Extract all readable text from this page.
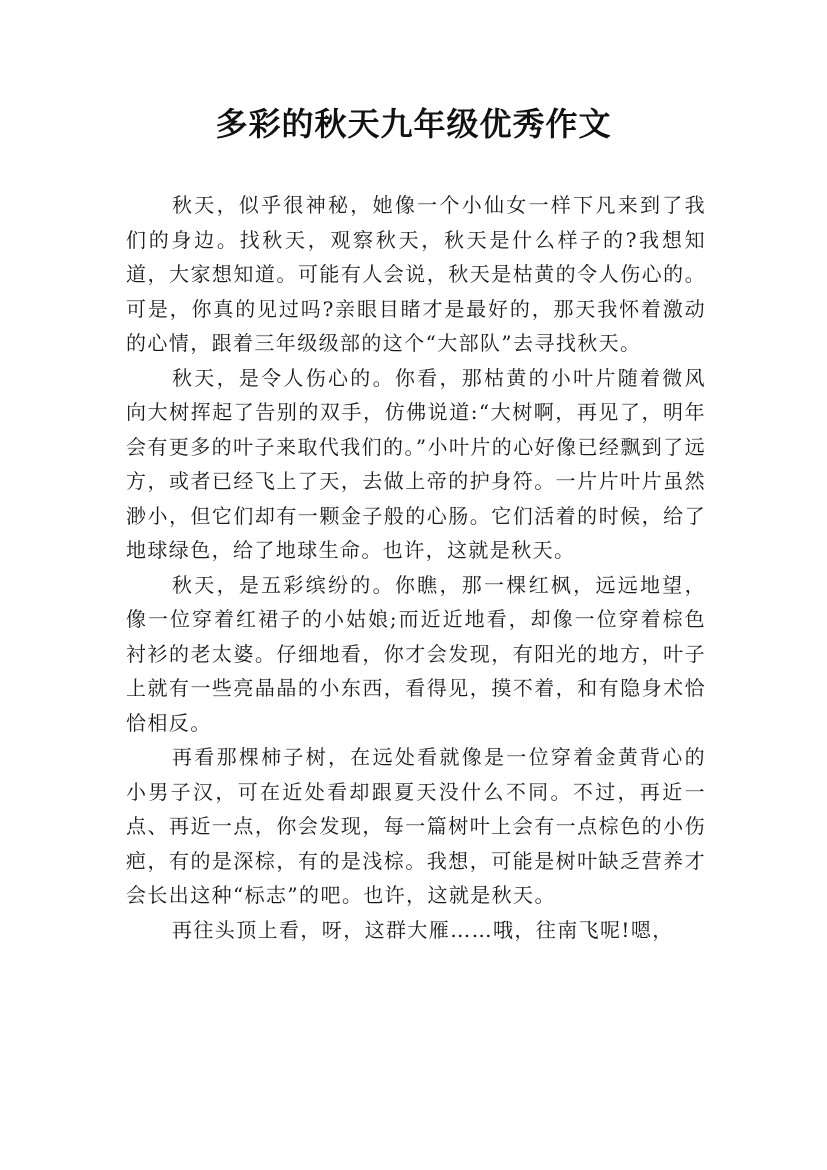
多彩的秋天九年级优秀作文

秋天，似乎很神秘，她像一个小仙女一样下凡来到了我们的身边。找秋天，观察秋天，秋天是什么样子的?我想知道，大家想知道。可能有人会说，秋天是枯黄的令人伤心的。可是，你真的见过吗?亲眼目睹才是最好的，那天我怀着激动的心情，跟着三年级级部的这个“大部队”去寻找秋天。

秋天，是令人伤心的。你看，那枯黄的小叶片随着微风向大树挥起了告别的双手，仿佛说道:“大树啊，再见了，明年会有更多的叶子来取代我们的。”小叶片的心好像已经飘到了远方，或者已经飞上了天，去做上帝的护身符。一片片叶片虽然渺小，但它们却有一颗金子般的心肠。它们活着的时候，给了地球绿色，给了地球生命。也许，这就是秋天。

秋天，是五彩缤纷的。你瞧，那一棵红枫，远远地望，像一位穿着红裙子的小姑娘;而近近地看，却像一位穿着棕色衬衫的老太婆。仔细地看，你才会发现，有阳光的地方，叶子上就有一些亮晶晶的小东西，看得见，摸不着，和有隐身术恰恰相反。

再看那棵柿子树，在远处看就像是一位穿着金黄背心的小男子汉，可在近处看却跟夏天没什么不同。不过，再近一点、再近一点，你会发现，每一篇树叶上会有一点棕色的小伤疤，有的是深棕，有的是浅棕。我想，可能是树叶缺乏营养才会长出这种“标志”的吧。也许，这就是秋天。

再往头顶上看，呀，这群大雁……哦，往南飞呢!嗯，
